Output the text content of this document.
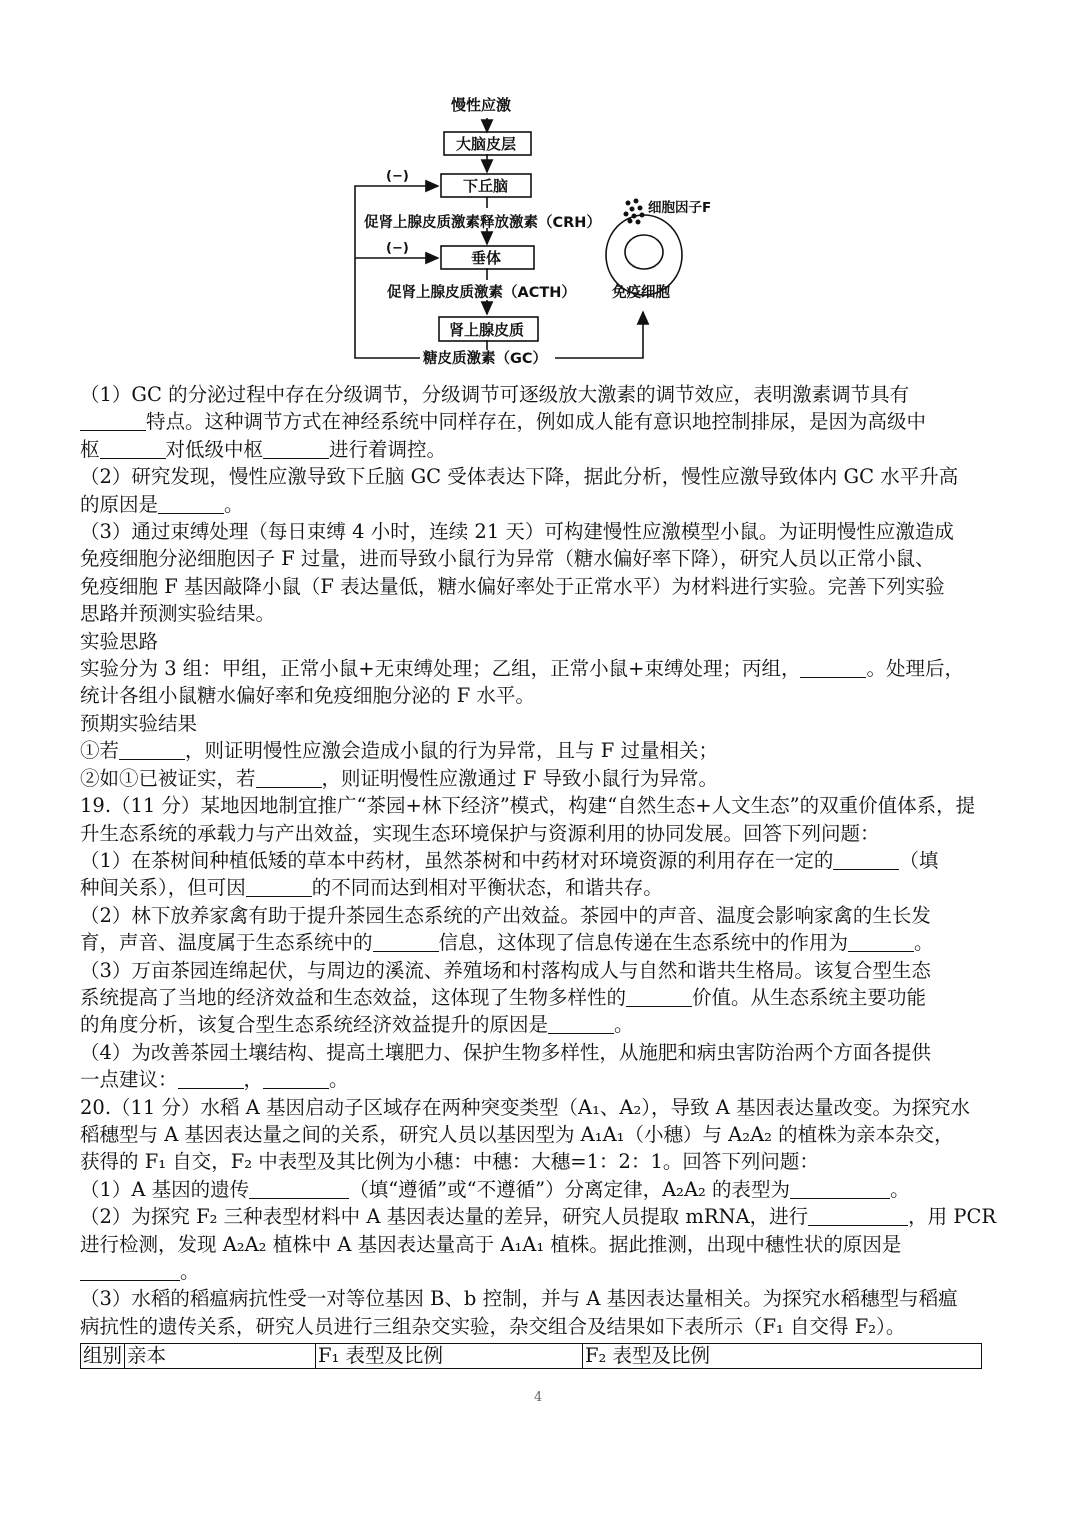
慢性应激
大脑皮层
下丘脑
促肾上腺皮质激素释放激素（CRH）
垂体
促肾上腺皮质激素（ACTH）
肾上腺皮质
糖皮质激素（GC）
(−)
(−)
细胞因子F
免疫细胞

（1）GC 的分泌过程中存在分级调节，分级调节可逐级放大激素的调节效应，表明激素调节具有

特点。这种调节方式在神经系统中同样存在，例如成人能有意识地控制排尿，是因为高级中

枢	对低级中枢	进行着调控。

（2）研究发现，慢性应激导致下丘脑 GC 受体表达下降，据此分析，慢性应激导致体内 GC 水平升高

的原因是	。

（3）通过束缚处理（每日束缚 4 小时，连续 21 天）可构建慢性应激模型小鼠。为证明慢性应激造成

免疫细胞分泌细胞因子 F 过量，进而导致小鼠行为异常（糖水偏好率下降），研究人员以正常小鼠、

免疫细胞 F 基因敲降小鼠（F 表达量低，糖水偏好率处于正常水平）为材料进行实验。完善下列实验

思路并预测实验结果。

实验思路

实验分为 3 组：甲组，正常小鼠+无束缚处理；乙组，正常小鼠+束缚处理；丙组，	。处理后，

统计各组小鼠糖水偏好率和免疫细胞分泌的 F 水平。

预期实验结果

①若	，则证明慢性应激会造成小鼠的行为异常，且与 F 过量相关；

②如①已被证实，若	，则证明慢性应激通过 F 导致小鼠行为异常。

19.（11 分）某地因地制宜推广“茶园+林下经济”模式，构建“自然生态+人文生态”的双重价值体系，提

升生态系统的承载力与产出效益，实现生态环境保护与资源利用的协同发展。回答下列问题：

（1）在茶树间种植低矮的草本中药材，虽然茶树和中药材对环境资源的利用存在一定的	（填

种间关系），但可因	的不同而达到相对平衡状态，和谐共存。

（2）林下放养家禽有助于提升茶园生态系统的产出效益。茶园中的声音、温度会影响家禽的生长发

育，声音、温度属于生态系统中的	信息，这体现了信息传递在生态系统中的作用为	。

（3）万亩茶园连绵起伏，与周边的溪流、养殖场和村落构成人与自然和谐共生格局。该复合型生态

系统提高了当地的经济效益和生态效益，这体现了生物多样性的	价值。从生态系统主要功能

的角度分析，该复合型生态系统经济效益提升的原因是	。

（4）为改善茶园土壤结构、提高土壤肥力、保护生物多样性，从施肥和病虫害防治两个方面各提供

一点建议：	，	。

20.（11 分）水稻 A 基因启动子区域存在两种突变类型（A₁、A₂），导致 A 基因表达量改变。为探究水

稻穗型与 A 基因表达量之间的关系，研究人员以基因型为 A₁A₁（小穗）与 A₂A₂ 的植株为亲本杂交，

获得的 F₁ 自交，F₂ 中表型及其比例为小穗：中穗：大穗=1：2：1。回答下列问题：

（1）A 基因的遗传	（填“遵循”或“不遵循”）分离定律，A₂A₂ 的表型为	。

（2）为探究 F₂ 三种表型材料中 A 基因表达量的差异，研究人员提取 mRNA，进行	，用 PCR

进行检测，发现 A₂A₂ 植株中 A 基因表达量高于 A₁A₁ 植株。据此推测，出现中穗性状的原因是

。

（3）水稻的稻瘟病抗性受一对等位基因 B、b 控制，并与 A 基因表达量相关。为探究水稻穗型与稻瘟

病抗性的遗传关系，研究人员进行三组杂交实验，杂交组合及结果如下表所示（F₁ 自交得 F₂）。

组别	亲本	F₁ 表型及比例	F₂ 表型及比例
4
